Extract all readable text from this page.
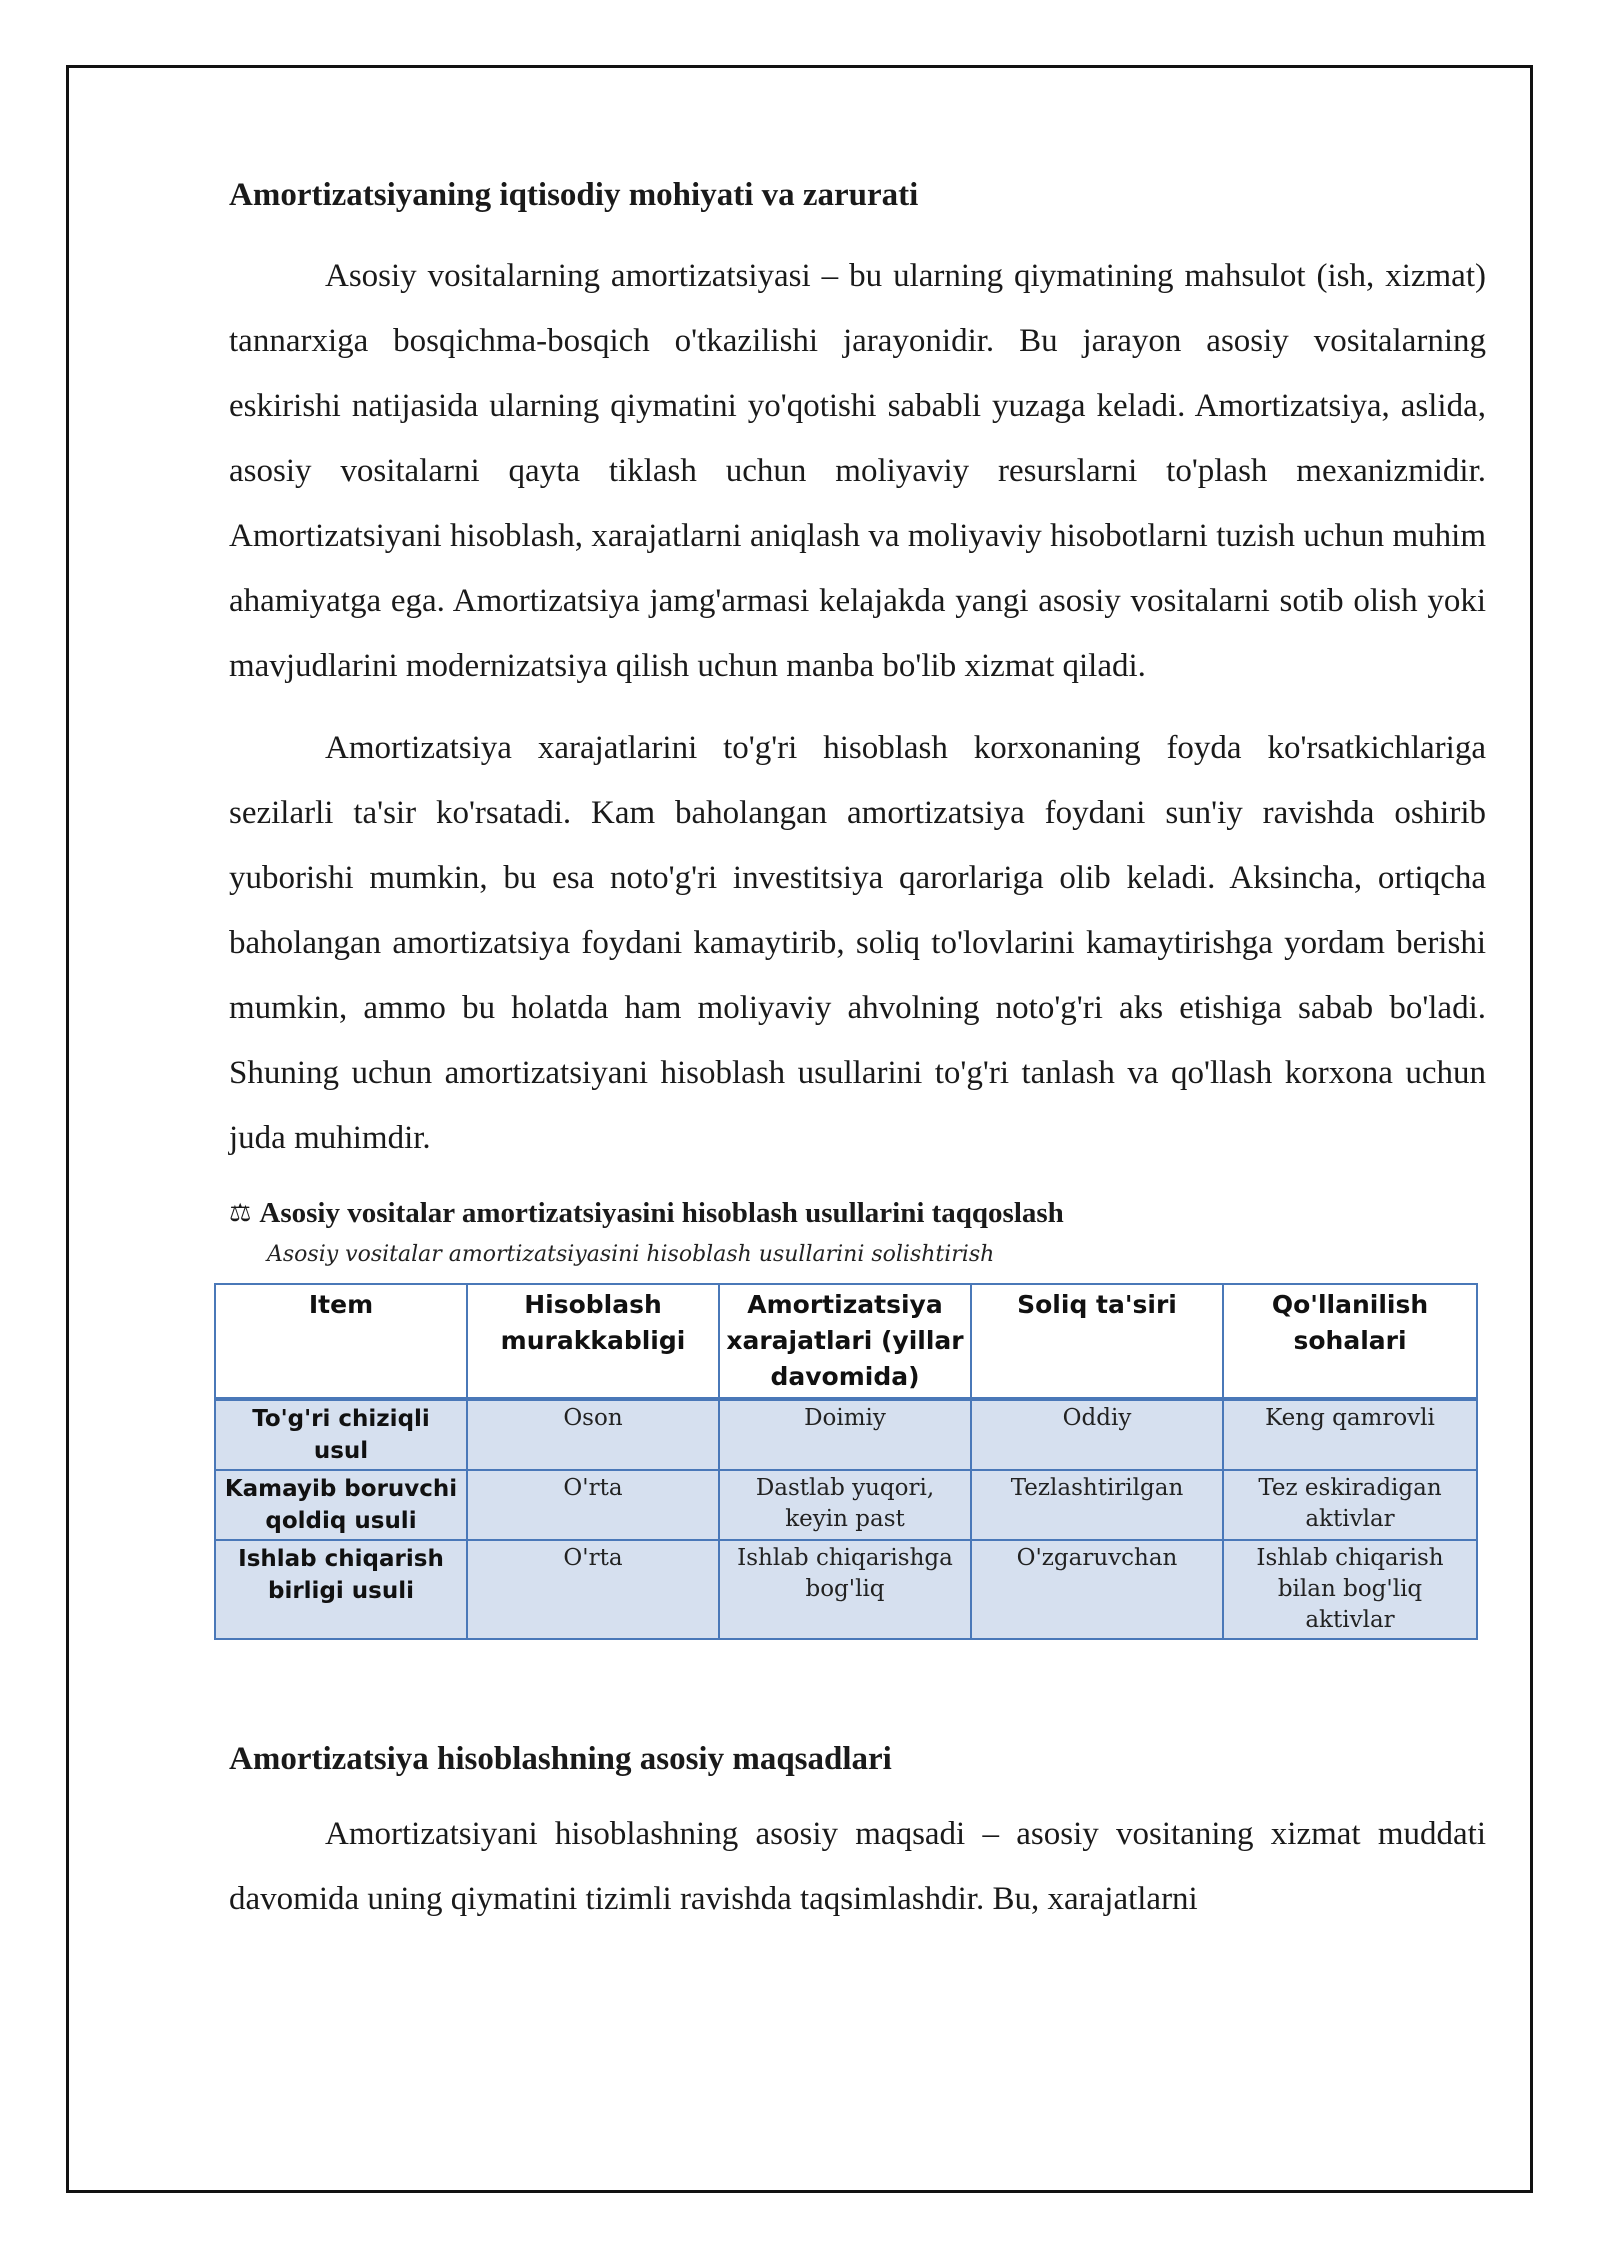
Amortizatsiyaning iqtisodiy mohiyati va zarurati

Asosiy vositalarning amortizatsiyasi – bu ularning qiymatining mahsulot (ish, xizmat) tannarxiga bosqichma-bosqich o'tkazilishi jarayonidir. Bu jarayon asosiy vositalarning eskirishi natijasida ularning qiymatini yo'qotishi sababli yuzaga keladi. Amortizatsiya, aslida, asosiy vositalarni qayta tiklash uchun moliyaviy resurslarni to'plash mexanizmidir. Amortizatsiyani hisoblash, xarajatlarni aniqlash va moliyaviy hisobotlarni tuzish uchun muhim ahamiyatga ega. Amortizatsiya jamg'armasi kelajakda yangi asosiy vositalarni sotib olish yoki mavjudlarini modernizatsiya qilish uchun manba bo'lib xizmat qiladi.

Amortizatsiya xarajatlarini to'g'ri hisoblash korxonaning foyda ko'rsatkichlariga sezilarli ta'sir ko'rsatadi. Kam baholangan amortizatsiya foydani sun'iy ravishda oshirib yuborishi mumkin, bu esa noto'g'ri investitsiya qarorlariga olib keladi. Aksincha, ortiqcha baholangan amortizatsiya foydani kamaytirib, soliq to'lovlarini kamaytirishga yordam berishi mumkin, ammo bu holatda ham moliyaviy ahvolning noto'g'ri aks etishiga sabab bo'ladi. Shuning uchun amortizatsiyani hisoblash usullarini to'g'ri tanlash va qo'llash korxona uchun juda muhimdir.

⚖ Asosiy vositalar amortizatsiyasini hisoblash usullarini taqqoslash
Asosiy vositalar amortizatsiyasini hisoblash usullarini solishtirish
Item	Hisoblash murakkabligi	Amortizatsiya xarajatlari (yillar davomida)	Soliq ta'siri	Qo'llanilish sohalari
To'g'ri chiziqli usul	Oson	Doimiy	Oddiy	Keng qamrovli
Kamayib boruvchi qoldiq usuli	O'rta	Dastlab yuqori, keyin past	Tezlashtirilgan	Tez eskiradigan aktivlar
Ishlab chiqarish birligi usuli	O'rta	Ishlab chiqarishga bog'liq	O'zgaruvchan	Ishlab chiqarish bilan bog'liq aktivlar
Amortizatsiya hisoblashning asosiy maqsadlari

Amortizatsiyani hisoblashning asosiy maqsadi – asosiy vositaning xizmat muddati davomida uning qiymatini tizimli ravishda taqsimlashdir. Bu, xarajatlarni
